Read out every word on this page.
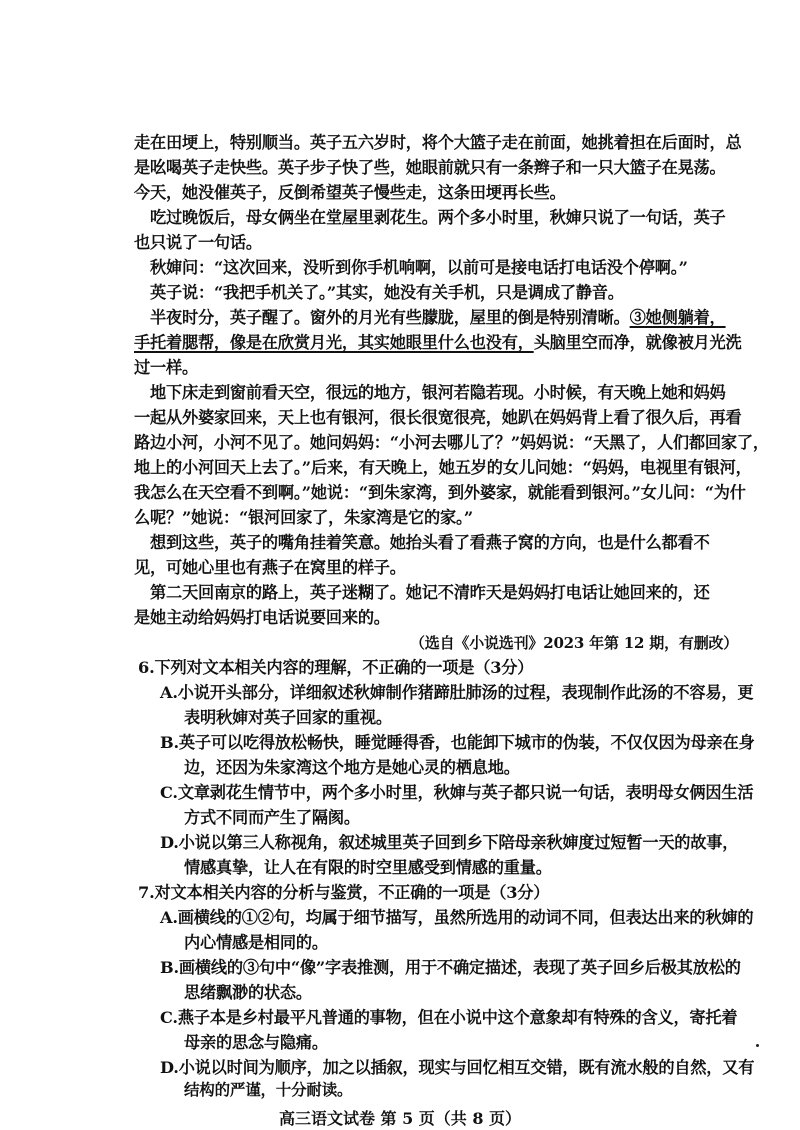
走在田埂上，特别顺当。英子五六岁时，将个大篮子走在前面，她挑着担在后面时，总
是吆喝英子走快些。英子步子快了些，她眼前就只有一条辫子和一只大篮子在晃荡。
今天，她没催英子，反倒希望英子慢些走，这条田埂再长些。
吃过晚饭后，母女俩坐在堂屋里剥花生。两个多小时里，秋婶只说了一句话，英子
也只说了一句话。
秋婶问：“这次回来，没听到你手机响啊，以前可是接电话打电话没个停啊。”
英子说：“我把手机关了。”其实，她没有关手机，只是调成了静音。
半夜时分，英子醒了。窗外的月光有些朦胧，屋里的倒是特别清晰。③她侧躺着，
手托着腮帮，像是在欣赏月光，其实她眼里什么也没有，头脑里空而净，就像被月光洗
过一样。
地下床走到窗前看天空，很远的地方，银河若隐若现。小时候，有天晚上她和妈妈
一起从外婆家回来，天上也有银河，很长很宽很亮，她趴在妈妈背上看了很久后，再看
路边小河，小河不见了。她问妈妈：“小河去哪儿了？”妈妈说：“天黑了，人们都回家了，
地上的小河回天上去了。”后来，有天晚上，她五岁的女儿问她：“妈妈，电视里有银河，
我怎么在天空看不到啊。”她说：“到朱家湾，到外婆家，就能看到银河。”女儿问：“为什
么呢？”她说：“银河回家了，朱家湾是它的家。”
想到这些，英子的嘴角挂着笑意。她抬头看了看燕子窝的方向，也是什么都看不
见，可她心里也有燕子在窝里的样子。
第二天回南京的路上，英子迷糊了。她记不清昨天是妈妈打电话让她回来的，还
是她主动给妈妈打电话说要回来的。
（选自《小说选刊》2023 年第 12 期，有删改）
6.下列对文本相关内容的理解，不正确的一项是（3分）
A.小说开头部分，详细叙述秋婶制作猪蹄肚肺汤的过程，表现制作此汤的不容易，更
表明秋婶对英子回家的重视。
B.英子可以吃得放松畅快，睡觉睡得香，也能卸下城市的伪装，不仅仅因为母亲在身
边，还因为朱家湾这个地方是她心灵的栖息地。
C.文章剥花生情节中，两个多小时里，秋婶与英子都只说一句话，表明母女俩因生活
方式不同而产生了隔阂。
D.小说以第三人称视角，叙述城里英子回到乡下陪母亲秋婶度过短暂一天的故事，
情感真挚，让人在有限的时空里感受到情感的重量。
7.对文本相关内容的分析与鉴赏，不正确的一项是（3分）
A.画横线的①②句，均属于细节描写，虽然所选用的动词不同，但表达出来的秋婶的
内心情感是相同的。
B.画横线的③句中“像”字表推测，用于不确定描述，表现了英子回乡后极其放松的
思绪飘渺的状态。
C.燕子本是乡村最平凡普通的事物，但在小说中这个意象却有特殊的含义，寄托着
母亲的思念与隐痛。
D.小说以时间为顺序，加之以插叙，现实与回忆相互交错，既有流水般的自然，又有
结构的严谨，十分耐读。
高三语文试卷 第 5 页（共 8 页）
